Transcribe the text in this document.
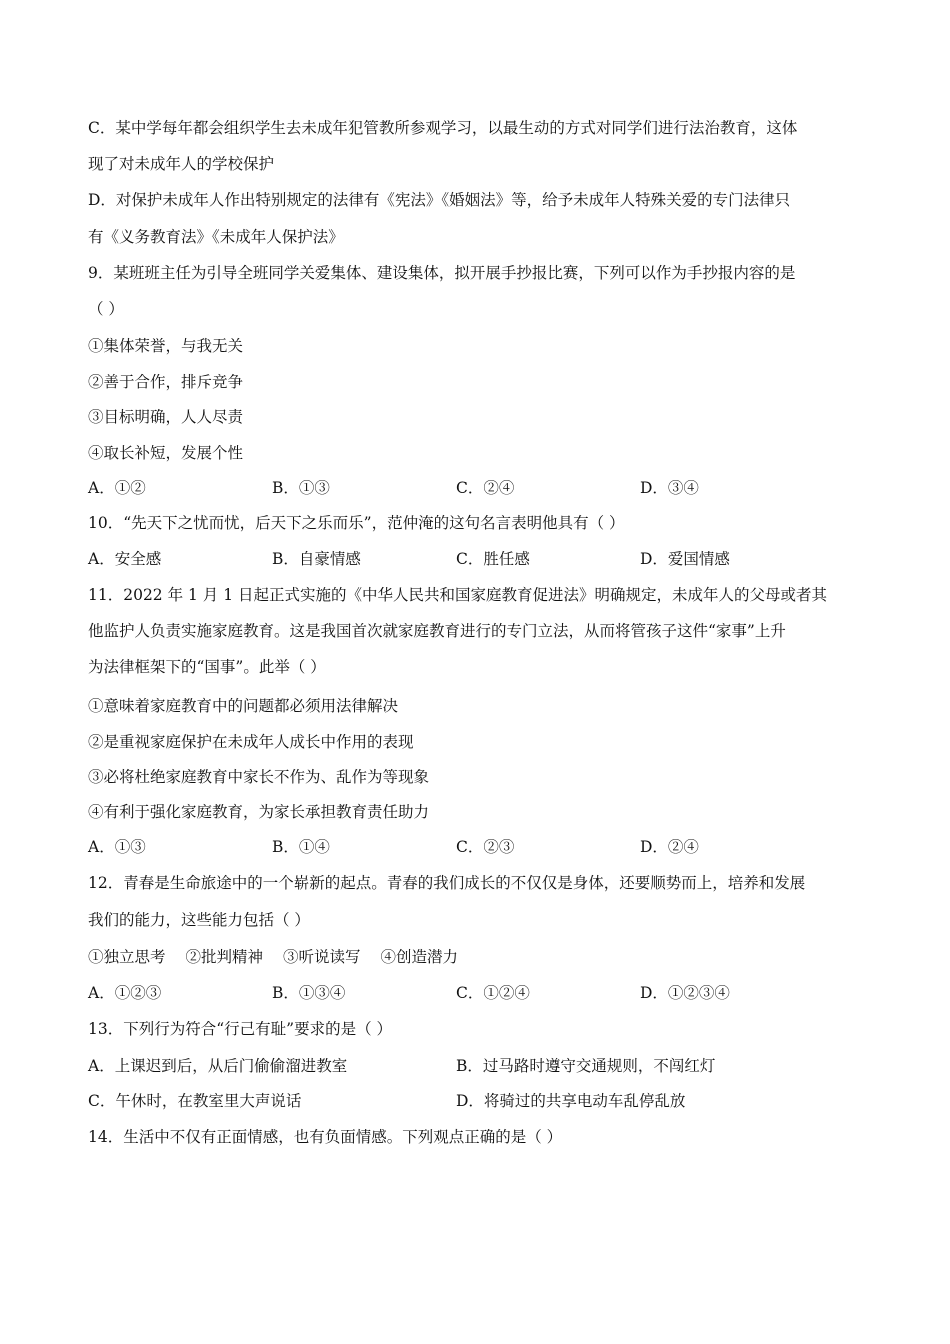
C．某中学每年都会组织学生去未成年犯管教所参观学习，以最生动的方式对同学们进行法治教育，这体
现了对未成年人的学校保护
D．对保护未成年人作出特别规定的法律有《宪法》《婚姻法》等，给予未成年人特殊关爱的专门法律只
有《义务教育法》《未成年人保护法》
9．某班班主任为引导全班同学关爱集体、建设集体，拟开展手抄报比赛，下列可以作为手抄报内容的是
（ ）
①集体荣誉，与我无关
②善于合作，排斥竞争
③目标明确，人人尽责
④取长补短，发展个性
A．①②	B．①③	C．②④	D．③④
10．“先天下之忧而忧，后天下之乐而乐”，范仲淹的这句名言表明他具有（ ）
A．安全感	B．自豪情感	C．胜任感	D．爱国情感
11．2022 年 1 月 1 日起正式实施的《中华人民共和国家庭教育促进法》明确规定，未成年人的父母或者其
他监护人负责实施家庭教育。这是我国首次就家庭教育进行的专门立法，从而将管孩子这件“家事”上升
为法律框架下的“国事”。此举（ ）
①意味着家庭教育中的问题都必须用法律解决
②是重视家庭保护在未成年人成长中作用的表现
③必将杜绝家庭教育中家长不作为、乱作为等现象
④有利于强化家庭教育，为家长承担教育责任助力
A．①③	B．①④	C．②③	D．②④
12．青春是生命旅途中的一个崭新的起点。青春的我们成长的不仅仅是身体，还要顺势而上，培养和发展
我们的能力，这些能力包括（ ）
①独立思考 ②批判精神 ③听说读写 ④创造潜力
A．①②③	B．①③④	C．①②④	D．①②③④
13．下列行为符合“行己有耻”要求的是（ ）
A．上课迟到后，从后门偷偷溜进教室	B．过马路时遵守交通规则，不闯红灯
C．午休时，在教室里大声说话	D．将骑过的共享电动车乱停乱放
14．生活中不仅有正面情感，也有负面情感。下列观点正确的是（ ）
